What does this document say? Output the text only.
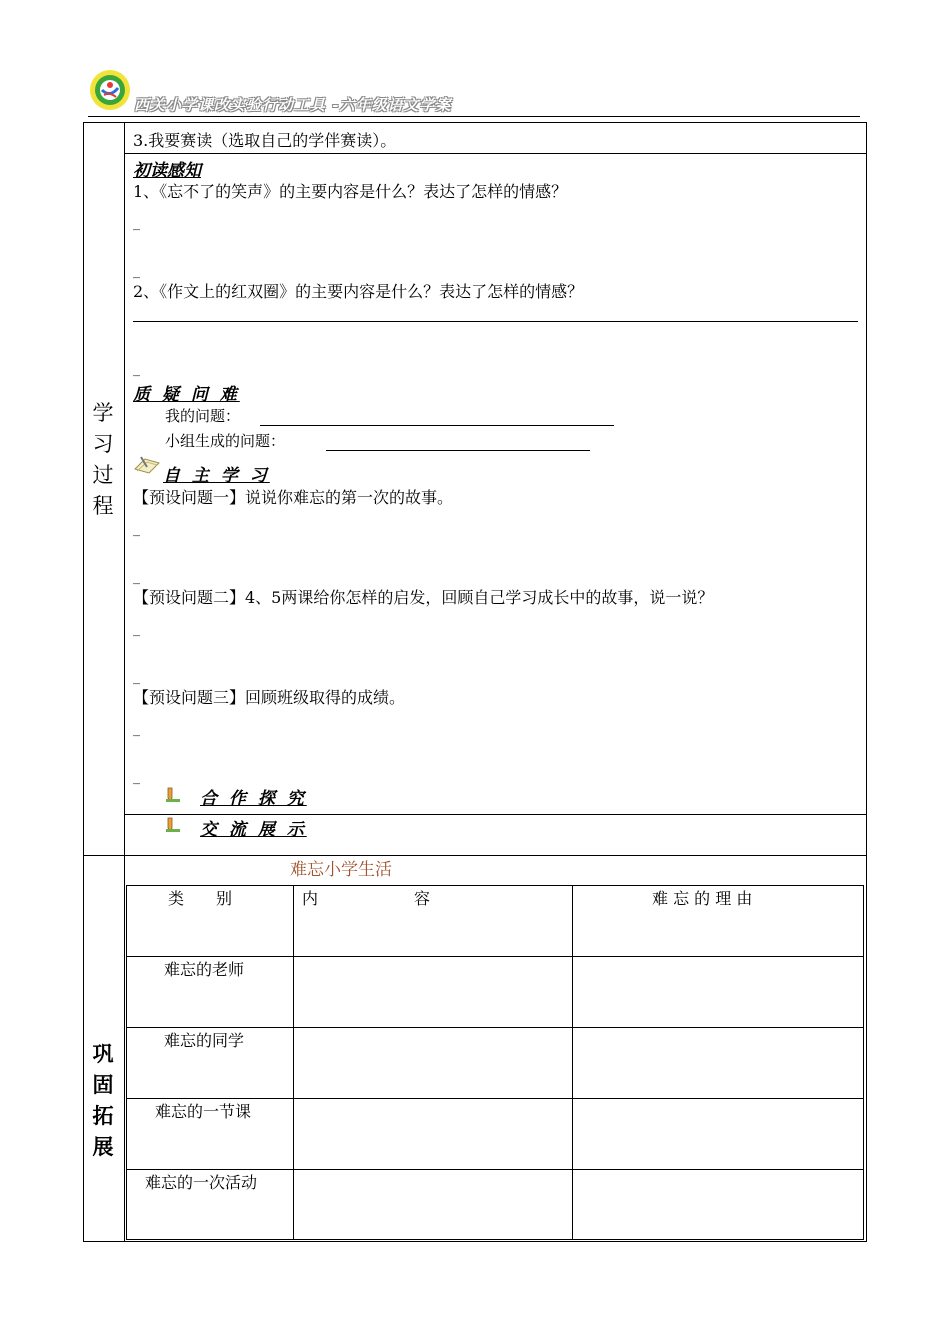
西关小学课改实验行动工具 -六年级语文学案
学
习
过
程
巩
固
拓
展
3.我要赛读（选取自己的学伴赛读）。
初读感知
1、《忘不了的笑声》的主要内容是什么？表达了怎样的情感？
_
_
2、《作文上的红双圈》的主要内容是什么？表达了怎样的情感？
_
质 疑 问 难
我的问题：
小组生成的问题：
自 主 学 习
【预设问题一】说说你难忘的第一次的故事。
_
_
【预设问题二】4、5两课给你怎样的启发，回顾自己学习成长中的故事，说一说？
_
_
【预设问题三】回顾班级取得的成绩。
_
_
合 作 探 究
交 流 展 示
难忘小学生活
类　　别	内　　　　　　容	难 忘 的 理 由
难忘的老师
难忘的同学
难忘的一节课
难忘的一次活动
